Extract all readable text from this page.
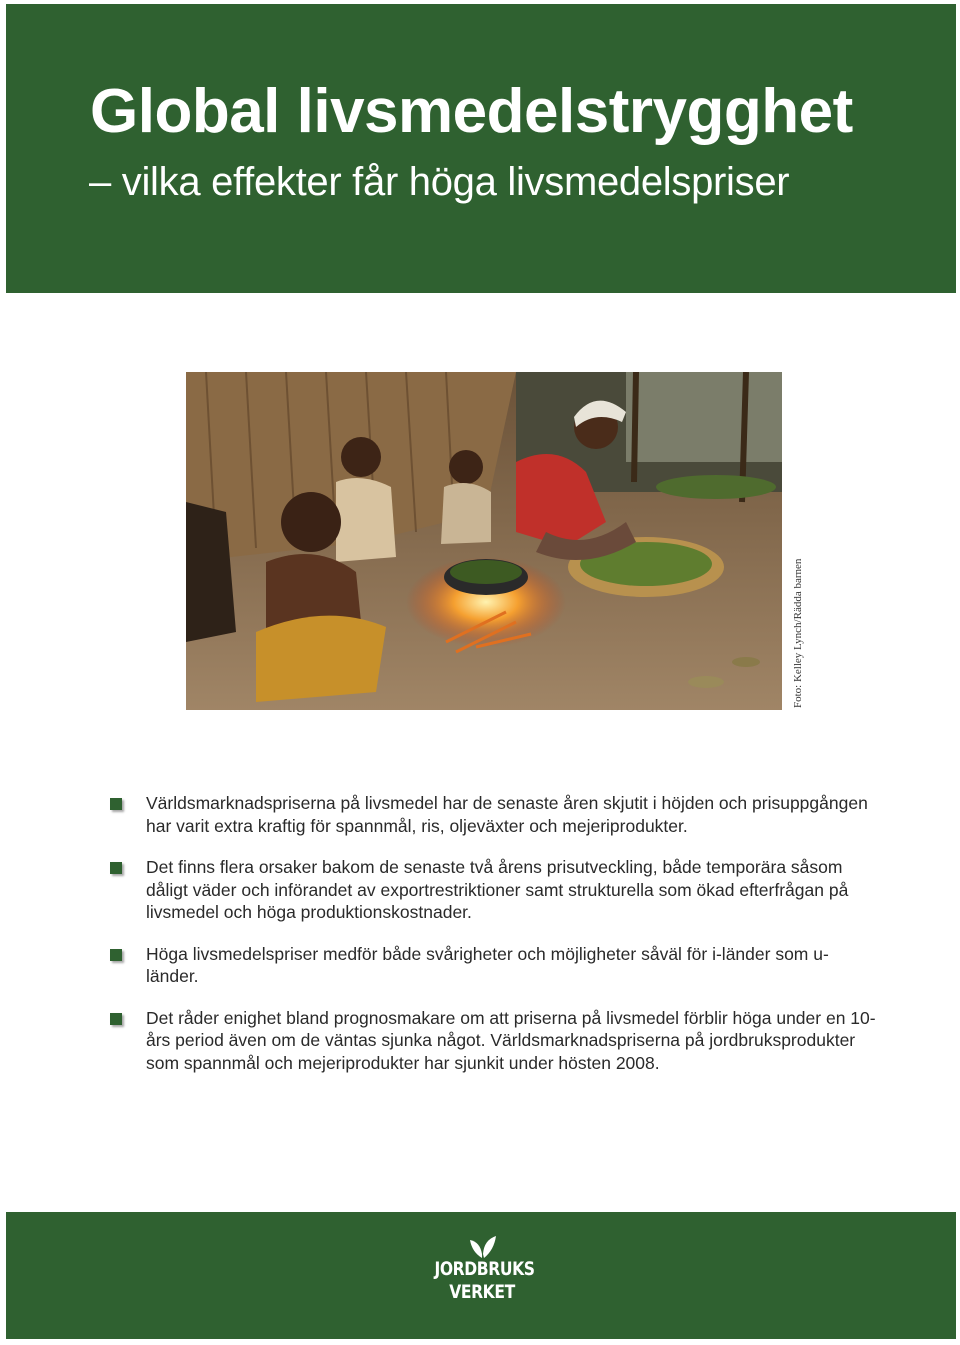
Global livsmedelstrygghet
– vilka effekter får höga livsmedelspriser
Foto: Kelley Lynch/Rädda barnen
Världsmarknadspriserna på livsmedel har de senaste åren skjutit i höjden och prisuppgången har varit extra kraftig för spannmål, ris, oljeväxter och mejeriprodukter.
Det finns flera orsaker bakom de senaste två årens prisutveckling, både temporära såsom dåligt väder och införandet av exportrestriktioner samt strukturella som ökad efterfrågan på livsmedel och höga produktionskostnader.
Höga livsmedelspriser medför både svårigheter och möjligheter såväl för i-länder som u-länder.
Det råder enighet bland prognosmakare om att priserna på livsmedel förblir höga under en 10-års period även om de väntas sjunka något. Världsmarknadspriserna på jordbruksprodukter som spannmål och mejeriprodukter har sjunkit under hösten 2008.
JORDBRUKS
VERKET
